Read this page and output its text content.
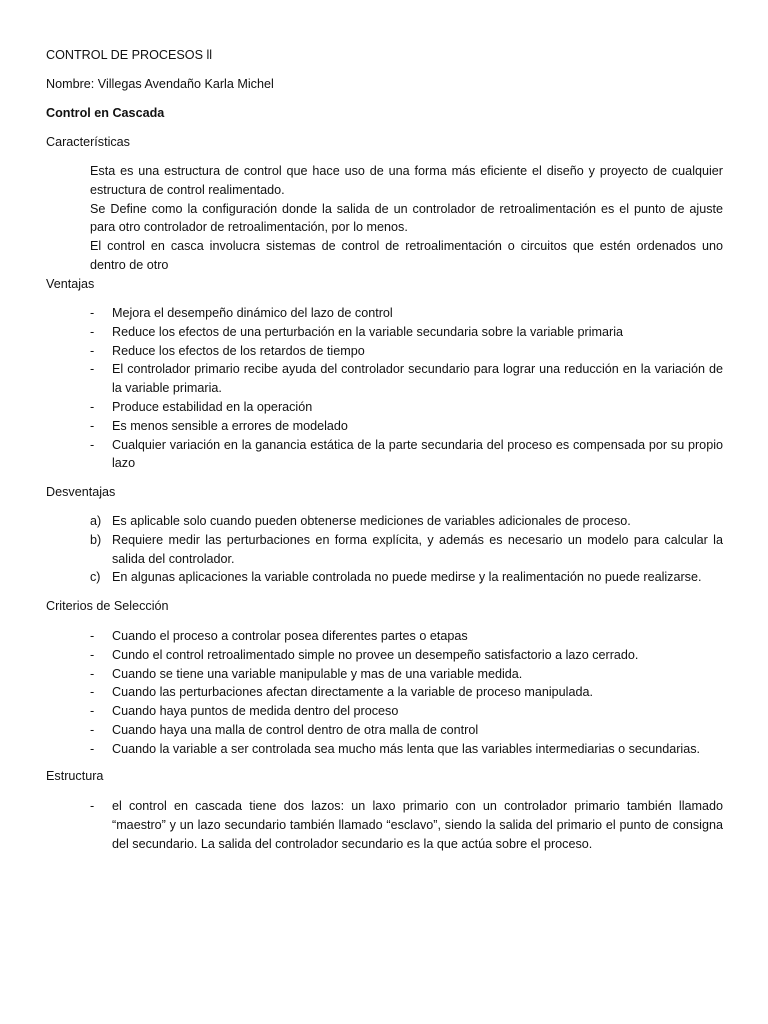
CONTROL DE PROCESOS ll
Nombre: Villegas Avendaño Karla Michel
Control en Cascada
Características

Esta es una estructura de control que hace uso de una forma más eficiente el diseño y proyecto de cualquier estructura de control realimentado.

Se Define como la configuración donde la salida de un controlador de retroalimentación es el punto de ajuste para otro controlador de retroalimentación, por lo menos.

El control en casca involucra sistemas de control de retroalimentación o circuitos que estén ordenados uno dentro de otro

Ventajas
- Mejora el desempeño dinámico del lazo de control
- Reduce los efectos de una perturbación en la variable secundaria sobre la variable primaria
- Reduce los efectos de los retardos de tiempo
- El controlador primario recibe ayuda del controlador secundario para lograr una reducción en la variación de la variable primaria.
- Produce estabilidad en la operación
- Es menos sensible a errores de modelado
- Cualquier variación en la ganancia estática de la parte secundaria del proceso es compensada por su propio lazo
Desventajas
a) Es aplicable solo cuando pueden obtenerse mediciones de variables adicionales de proceso.
b) Requiere medir las perturbaciones en forma explícita, y además es necesario un modelo para calcular la salida del controlador.
c) En algunas aplicaciones la variable controlada no puede medirse y la realimentación no puede realizarse.
Criterios de Selección
- Cuando el proceso a controlar posea diferentes partes o etapas
- Cundo el control retroalimentado simple no provee un desempeño satisfactorio a lazo cerrado.
- Cuando se tiene una variable manipulable y mas de una variable medida.
- Cuando las perturbaciones afectan directamente a la variable de proceso manipulada.
- Cuando haya puntos de medida dentro del proceso
- Cuando haya una malla de control dentro de otra malla de control
- Cuando la variable a ser controlada sea mucho más lenta que las variables intermediarias o secundarias.
Estructura
- el control en cascada tiene dos lazos: un laxo primario con un controlador primario también llamado “maestro” y un lazo secundario también llamado “esclavo”, siendo la salida del primario el punto de consigna del secundario. La salida del controlador secundario es la que actúa sobre el proceso.
